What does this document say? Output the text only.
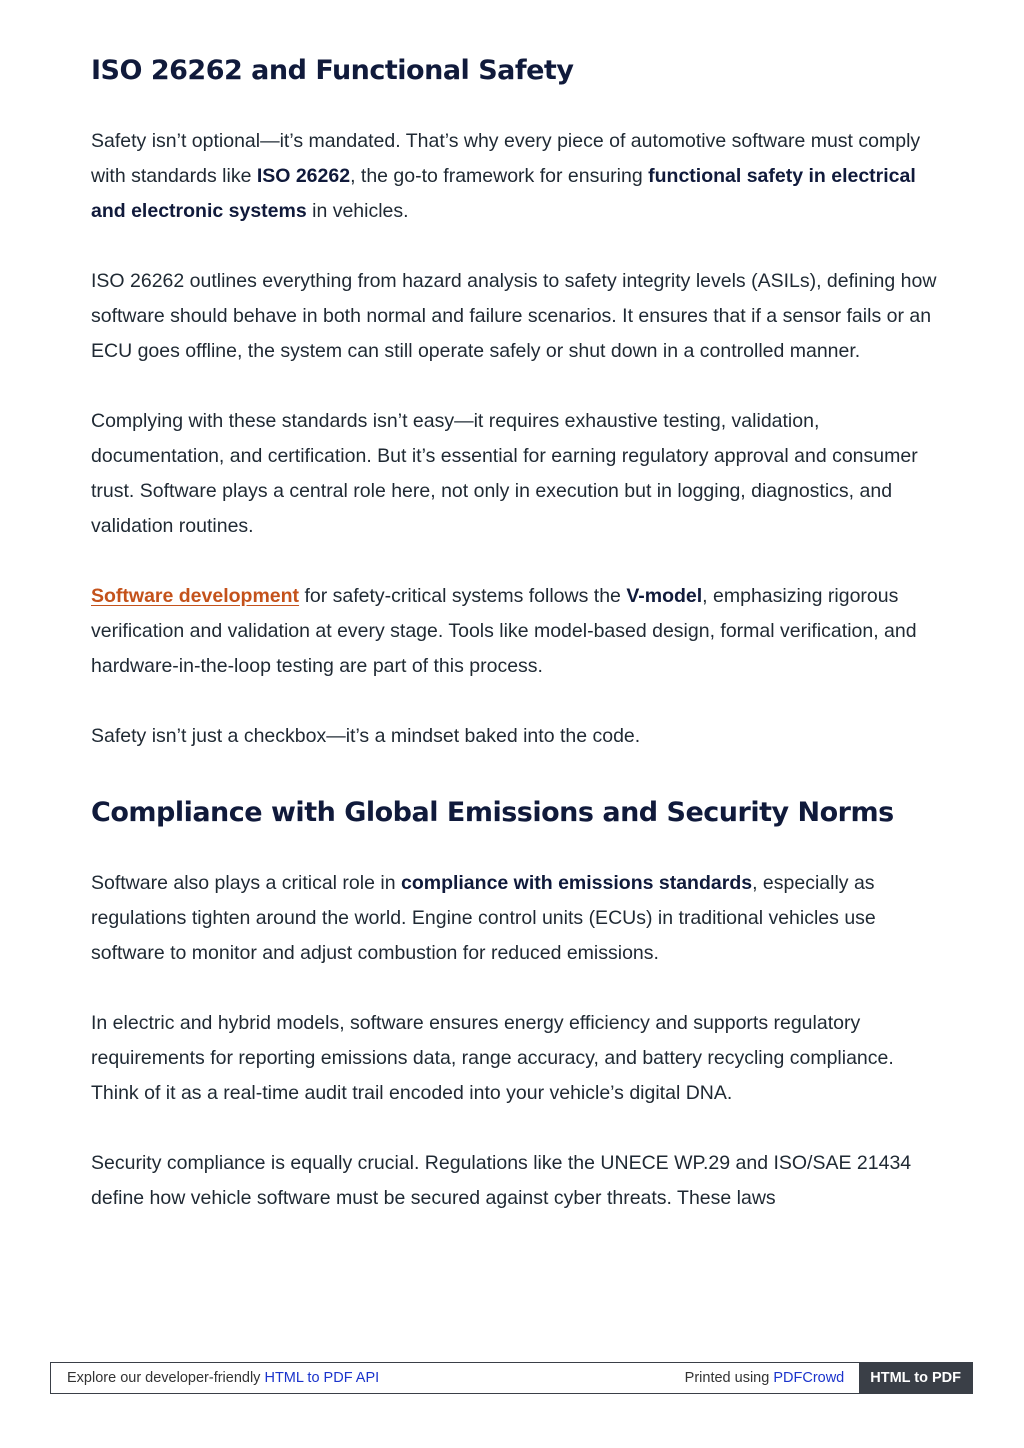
ISO 26262 and Functional Safety

Safety isn’t optional—it’s mandated. That’s why every piece of automotive software must comply with standards like ISO 26262, the go-to framework for ensuring functional safety in electrical and electronic systems in vehicles.

ISO 26262 outlines everything from hazard analysis to safety integrity levels (ASILs), defining how software should behave in both normal and failure scenarios. It ensures that if a sensor fails or an ECU goes offline, the system can still operate safely or shut down in a controlled manner.

Complying with these standards isn’t easy—it requires exhaustive testing, validation, documentation, and certification. But it’s essential for earning regulatory approval and consumer trust. Software plays a central role here, not only in execution but in logging, diagnostics, and validation routines.

Software development for safety-critical systems follows the V-model, emphasizing rigorous verification and validation at every stage. Tools like model-based design, formal verification, and hardware-in-the-loop testing are part of this process.

Safety isn’t just a checkbox—it’s a mindset baked into the code.

Compliance with Global Emissions and Security Norms

Software also plays a critical role in compliance with emissions standards, especially as regulations tighten around the world. Engine control units (ECUs) in traditional vehicles use software to monitor and adjust combustion for reduced emissions.

In electric and hybrid models, software ensures energy efficiency and supports regulatory requirements for reporting emissions data, range accuracy, and battery recycling compliance. Think of it as a real-time audit trail encoded into your vehicle’s digital DNA.

Security compliance is equally crucial. Regulations like the UNECE WP.29 and ISO/SAE 21434 define how vehicle software must be secured against cyber threats. These laws

Explore our developer-friendly HTML to PDF API	Printed using PDFCrowd	HTML to PDF
